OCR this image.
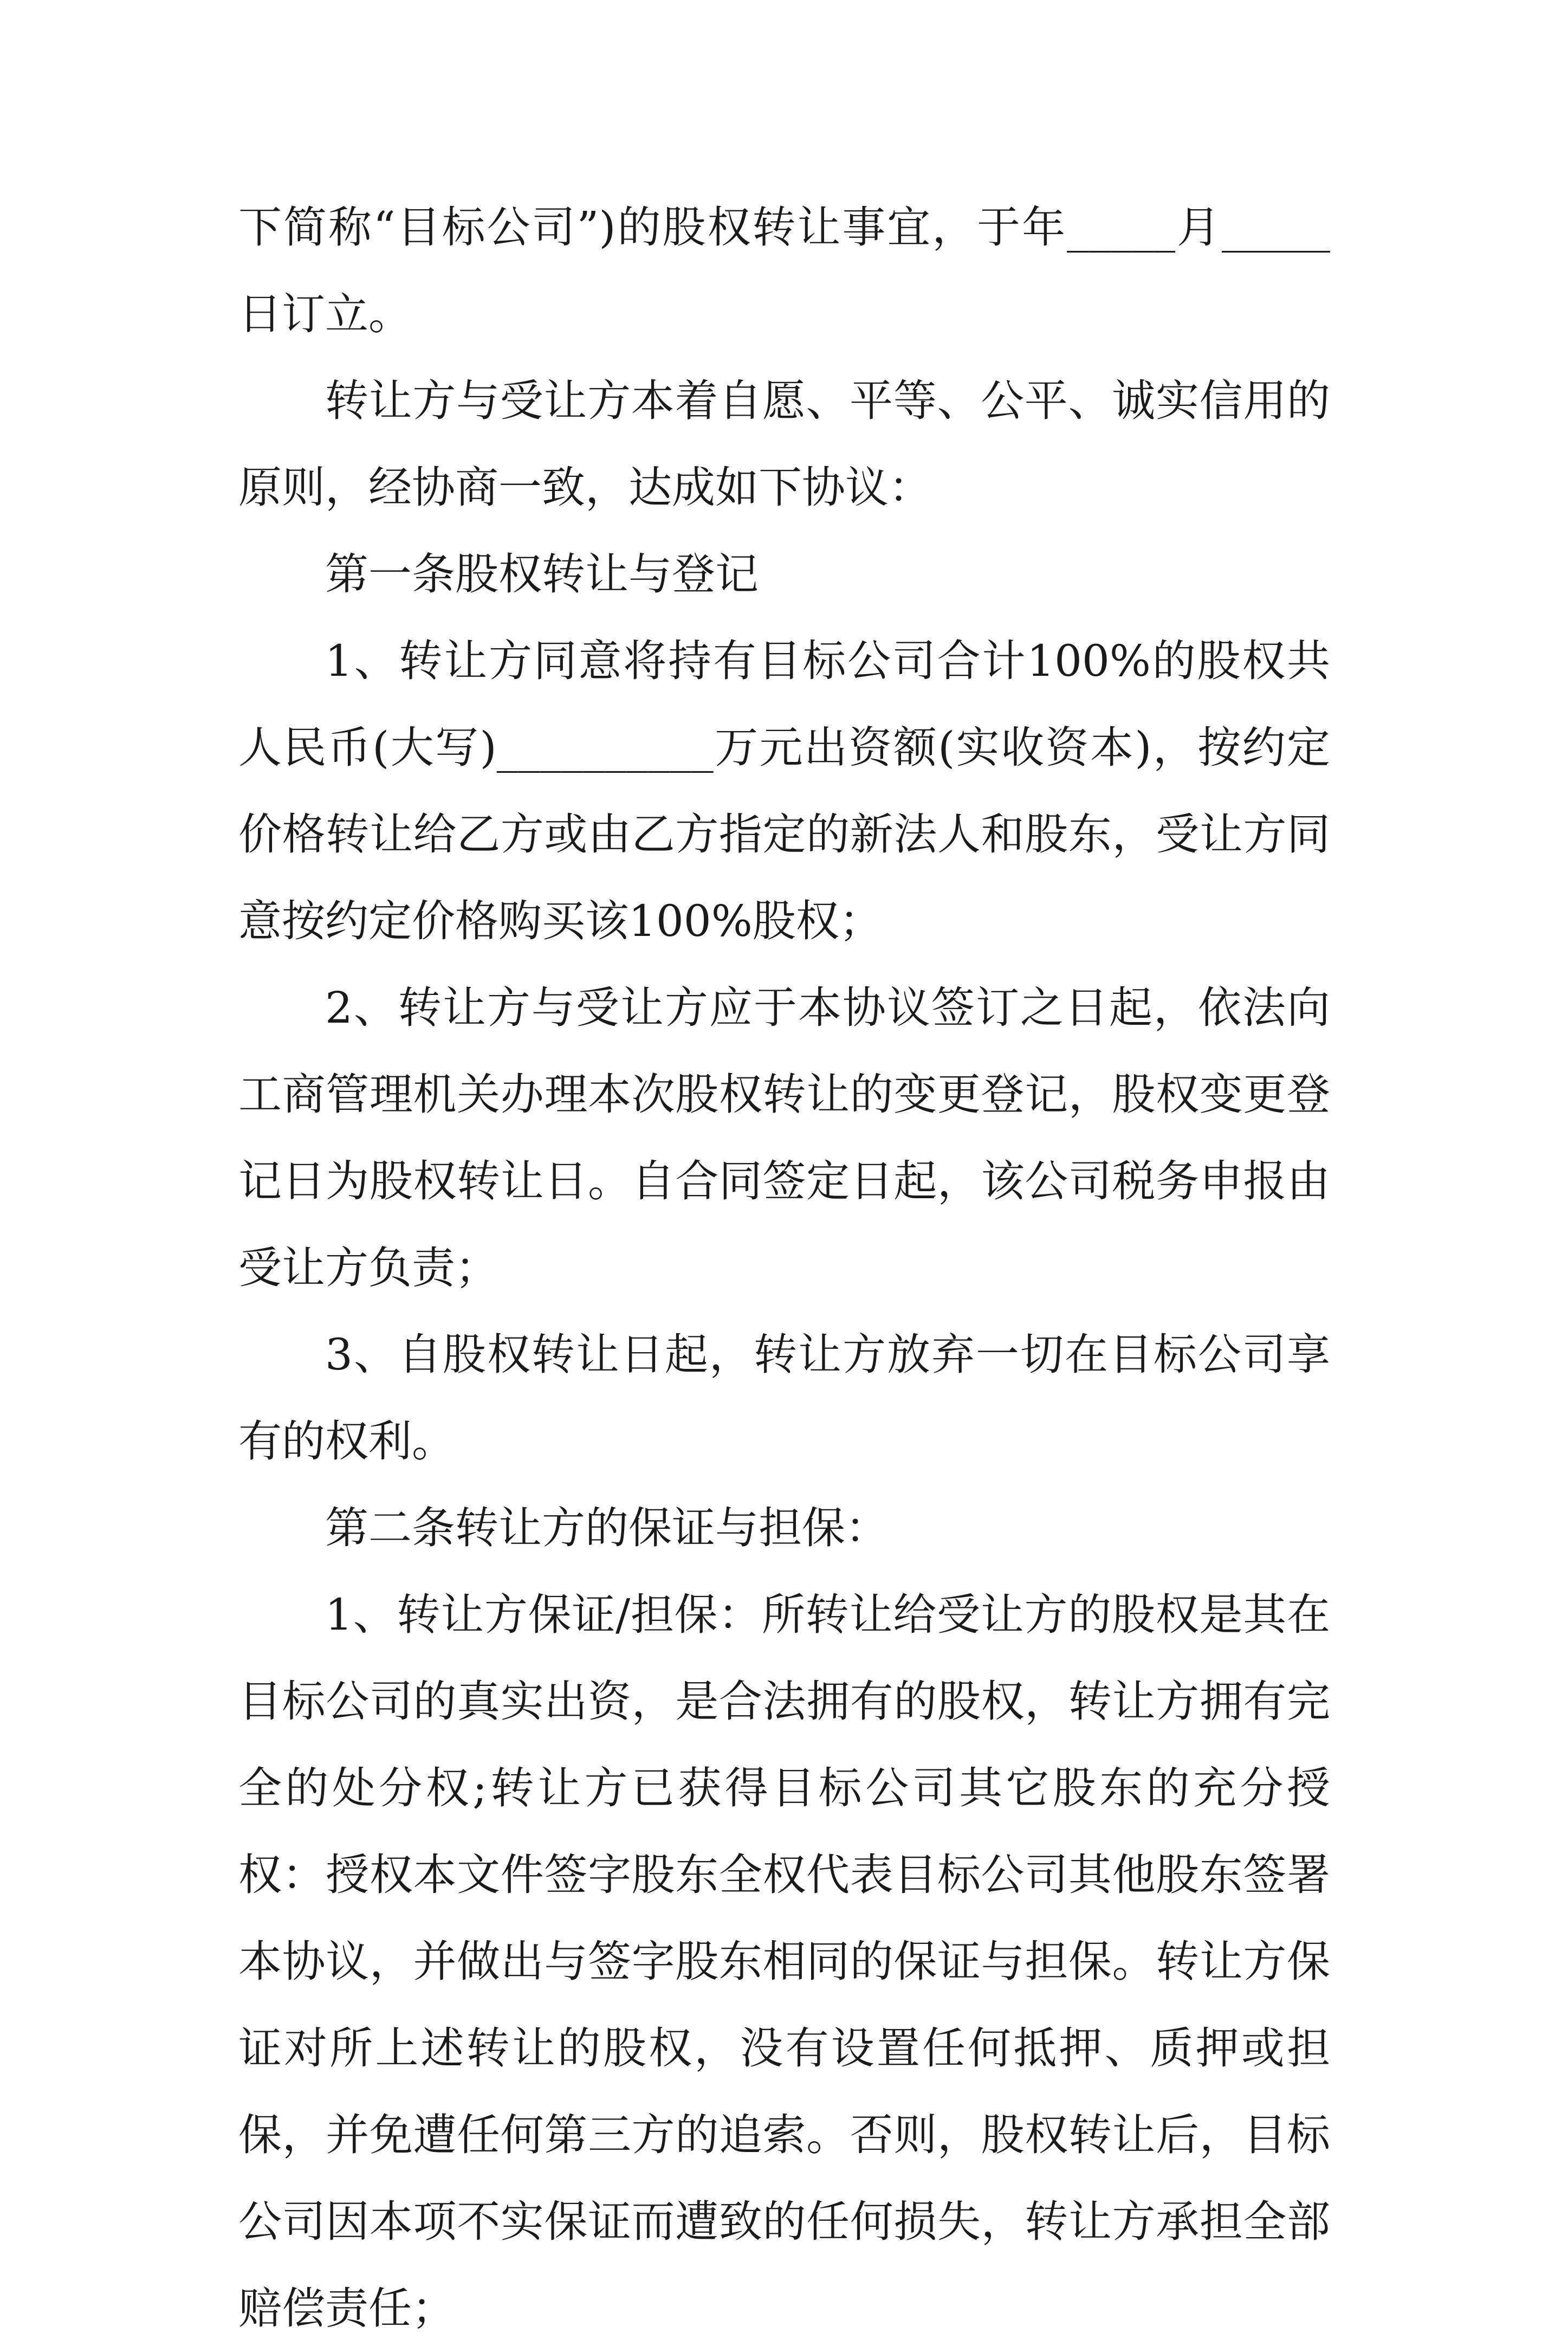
下简称“目标公司”)的股权转让事宜，于年_____月_____日订立。

转让方与受让方本着自愿、平等、公平、诚实信用的原则，经协商一致，达成如下协议：

第一条股权转让与登记

1、转让方同意将持有目标公司合计100%的股权共人民币(大写)__________万元出资额(实收资本)，按约定价格转让给乙方或由乙方指定的新法人和股东，受让方同意按约定价格购买该100%股权；

2、转让方与受让方应于本协议签订之日起，依法向工商管理机关办理本次股权转让的变更登记，股权变更登记日为股权转让日。自合同签定日起，该公司税务申报由受让方负责；

3、自股权转让日起，转让方放弃一切在目标公司享有的权利。

第二条转让方的保证与担保：

1、转让方保证/担保：所转让给受让方的股权是其在目标公司的真实出资，是合法拥有的股权，转让方拥有完全的处分权;转让方已获得目标公司其它股东的充分授权：授权本文件签字股东全权代表目标公司其他股东签署本协议，并做出与签字股东相同的保证与担保。转让方保证对所上述转让的股权，没有设置任何抵押、质押或担保，并免遭任何第三方的追索。否则，股权转让后，目标公司因本项不实保证而遭致的任何损失，转让方承担全部赔偿责任；
